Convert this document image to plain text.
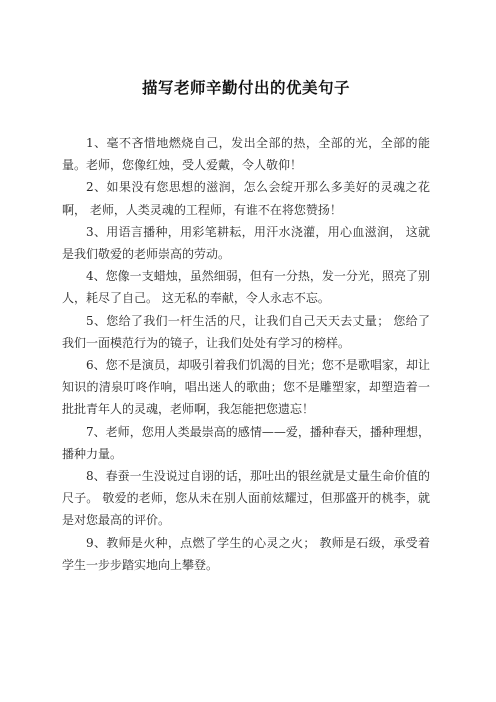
描写老师辛勤付出的优美句子

1、毫不吝惜地燃烧自己，发出全部的热，全部的光，全部的能量。老师，您像红烛，受人爱戴，令人敬仰！

2、如果没有您思想的滋润，怎么会绽开那么多美好的灵魂之花啊， 老师，人类灵魂的工程师，有谁不在将您赞扬！

3、用语言播种，用彩笔耕耘，用汗水浇灌，用心血滋润， 这就是我们敬爱的老师崇高的劳动。

4、您像一支蜡烛，虽然细弱，但有一分热，发一分光，照亮了别人，耗尽了自己。 这无私的奉献，令人永志不忘。

5、您给了我们一杆生活的尺，让我们自己天天去丈量； 您给了我们一面模范行为的镜子，让我们处处有学习的榜样。

6、您不是演员，却吸引着我们饥渴的目光；您不是歌唱家，却让知识的清泉叮咚作响，唱出迷人的歌曲；您不是雕塑家，却塑造着一批批青年人的灵魂，老师啊，我怎能把您遗忘！

7、老师，您用人类最崇高的感情——爱，播种春天，播种理想，播种力量。

8、春蚕一生没说过自诩的话，那吐出的银丝就是丈量生命价值的尺子。 敬爱的老师，您从未在别人面前炫耀过，但那盛开的桃李，就是对您最高的评价。

9、教师是火种，点燃了学生的心灵之火； 教师是石级，承受着学生一步步踏实地向上攀登。
